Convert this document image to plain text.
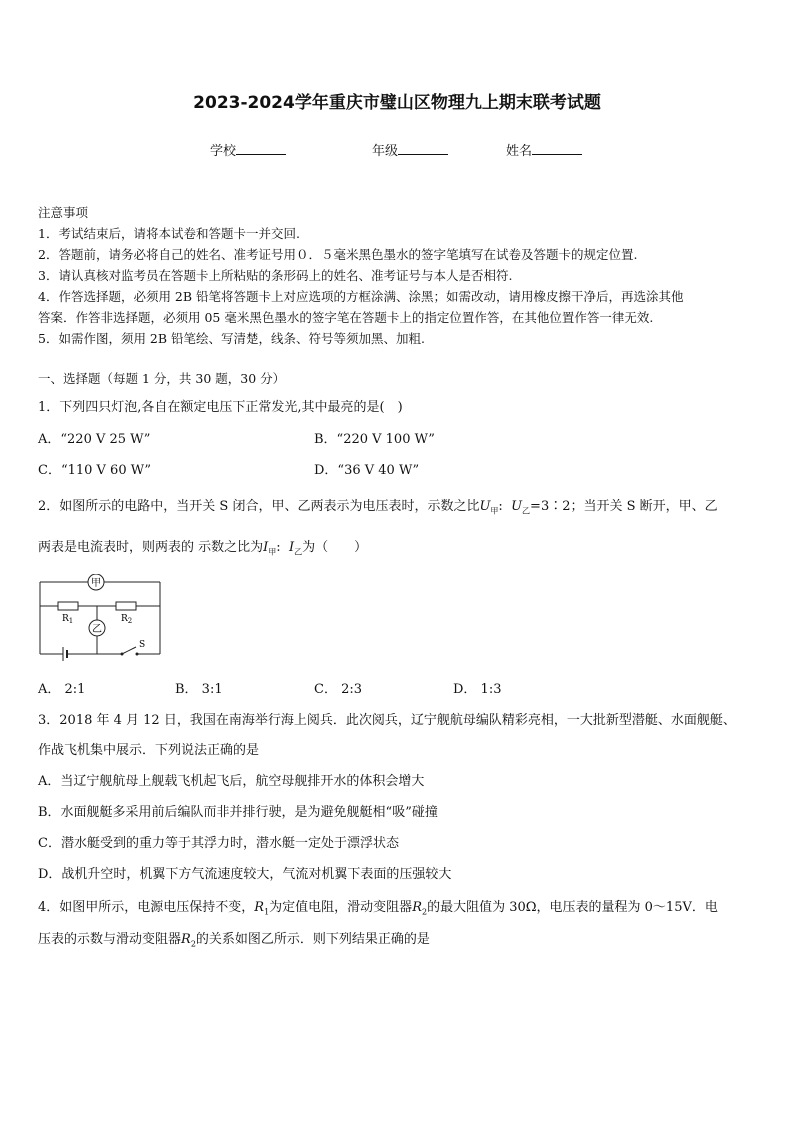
2023-2024学年重庆市璧山区物理九上期末联考试题
学校	年级	姓名
注意事项
1．考试结束后，请将本试卷和答题卡一并交回.
2．答题前，请务必将自己的姓名、准考证号用０．５毫米黑色墨水的签字笔填写在试卷及答题卡的规定位置.
3．请认真核对监考员在答题卡上所粘贴的条形码上的姓名、准考证号与本人是否相符.
4．作答选择题，必须用 2B 铅笔将答题卡上对应选项的方框涂满、涂黑；如需改动，请用橡皮擦干净后，再选涂其他
答案．作答非选择题，必须用 05 毫米黑色墨水的签字笔在答题卡上的指定位置作答，在其他位置作答一律无效.
5．如需作图，须用 2B 铅笔绘、写清楚，线条、符号等须加黑、加粗.
一、选择题（每题 1 分，共 30 题，30 分）
1．下列四只灯泡,各自在额定电压下正常发光,其中最亮的是(　)
A．“220 V 25 W”	B．“220 V 100 W”
C．“110 V 60 W”	D．“36 V 40 W”
2．如图所示的电路中，当开关 S 闭合，甲、乙两表示为电压表时，示数之比$U_甲$: $U_乙=3∶2$；当开关 S 断开，甲、乙
两表是电流表时，则两表的 示数之比为$I_甲$: $I_乙$为（　　）
甲
乙
$R_1$	$R_2$
S
A． 2:1	B． 3:1	C． 2:3	D． 1:3
3．2018 年 4 月 12 日，我国在南海举行海上阅兵．此次阅兵，辽宁舰航母编队精彩亮相，一大批新型潜艇、水面舰艇、
作战飞机集中展示．下列说法正确的是
A．当辽宁舰航母上舰载飞机起飞后，航空母舰排开水的体积会增大
B．水面舰艇多采用前后编队而非并排行驶，是为避免舰艇相“吸”碰撞
C．潜水艇受到的重力等于其浮力时，潜水艇一定处于漂浮状态
D．战机升空时，机翼下方气流速度较大，气流对机翼下表面的压强较大
4．如图甲所示，电源电压保持不变，$R_1$为定值电阻，滑动变阻器$R_2$的最大阻值为 30Ω，电压表的量程为 0～15V．电
压表的示数与滑动变阻器$R_2$的关系如图乙所示．则下列结果正确的是
